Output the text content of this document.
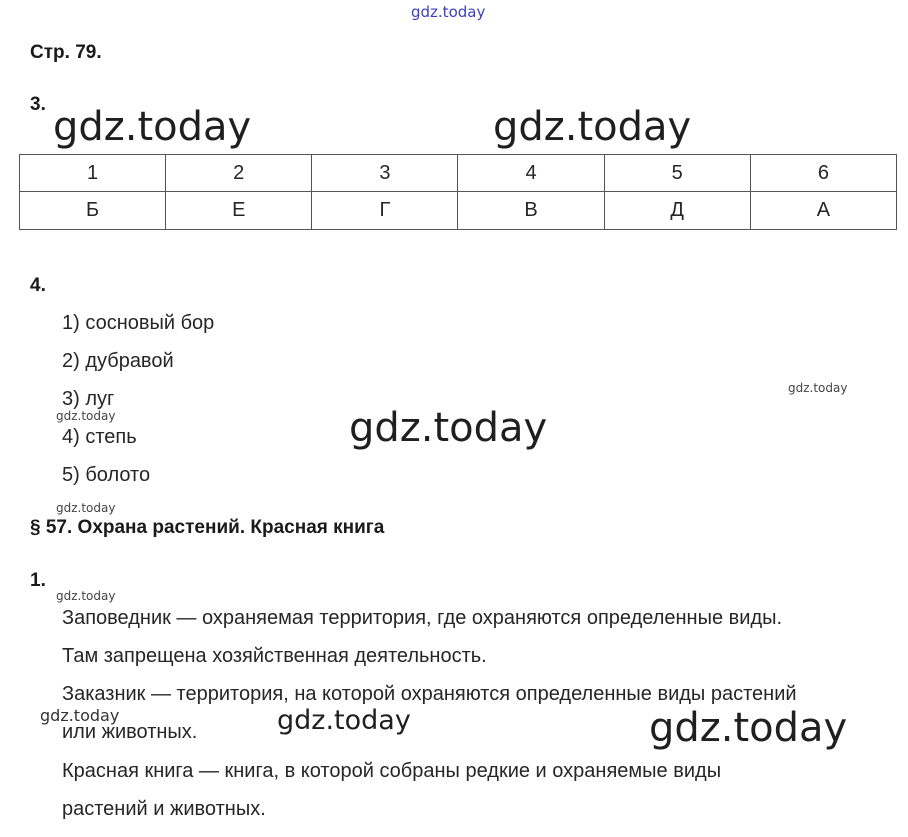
gdz.today
Стр. 79.
3. gdz.today	gdz.today
1	2	3	4	5	6
Б	Е	Г	В	Д	А
4.
1) сосновый бор
2) дубравой
3) луг
4) степь
5) болото
gdz.today
gdz.today	gdz.today
gdz.today
§ 57. Охрана растений. Красная книга
1.
gdz.today
Заповедник — охраняемая территория, где охраняются определенные виды.
Там запрещена хозяйственная деятельность.
Заказник — территория, на которой охраняются определенные виды растений
или животных.
Красная книга — книга, в которой собраны редкие и охраняемые виды
растений и животных.
gdz.today	gdz.today	gdz.today
